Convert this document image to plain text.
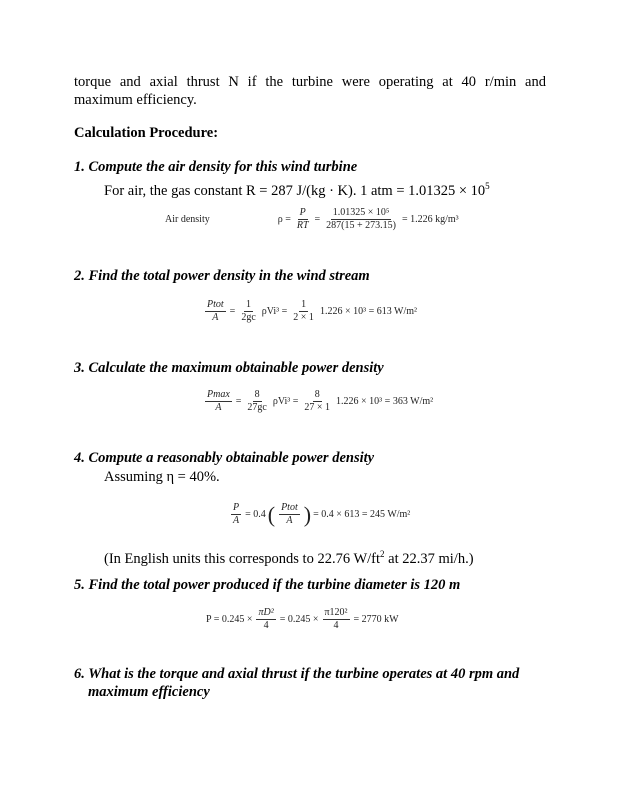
torque and axial thrust N if the turbine were operating at 40 r/min and
maximum efficiency.
Calculation Procedure:
1. Compute the air density for this wind turbine
For air, the gas constant R = 287 J/(kg · K). 1 atm = $1.01325 \times 10^5$
Air density	$\rho = \frac{P}{RT} = \frac{\text{1.01325 × 10⁵}}{287(15 + 273.15)} = 1.226$ kg/m³
2. Find the total power density in the wind stream
$\frac{\text{Ptot}}{A} = \frac{1}{2gc} \rho Vi^3 = \frac{1}{2 \times 1} 1.226 \times 10^3 = 613$ W/m²
3. Calculate the maximum obtainable power density
$\frac{Pmax}{A} = \frac{8}{27gc} \rho Vi^3 = \frac{8}{27 \times 1} 1.226 \times 10^3 = 363$ W/m²
4. Compute a reasonably obtainable power density
Assuming η = 40%.
$\frac{P}{A} = 0.4$ ( $\frac{\text{Ptot}}{A}$ ) = 0.4 × 613 = 245 W/m²
(In English units this corresponds to 22.76 $W/ft^2$ at 22.37 mi/h.)
5. Find the total power produced if the turbine diameter is 120 m
$P = 0.245 \times \frac{\text{πD²}}{4} = 0.245 \times \frac{\text{π120²}}{4} = 2770$ kW
6. What is the torque and axial thrust if the turbine operates at 40 rpm and
maximum efficiency
